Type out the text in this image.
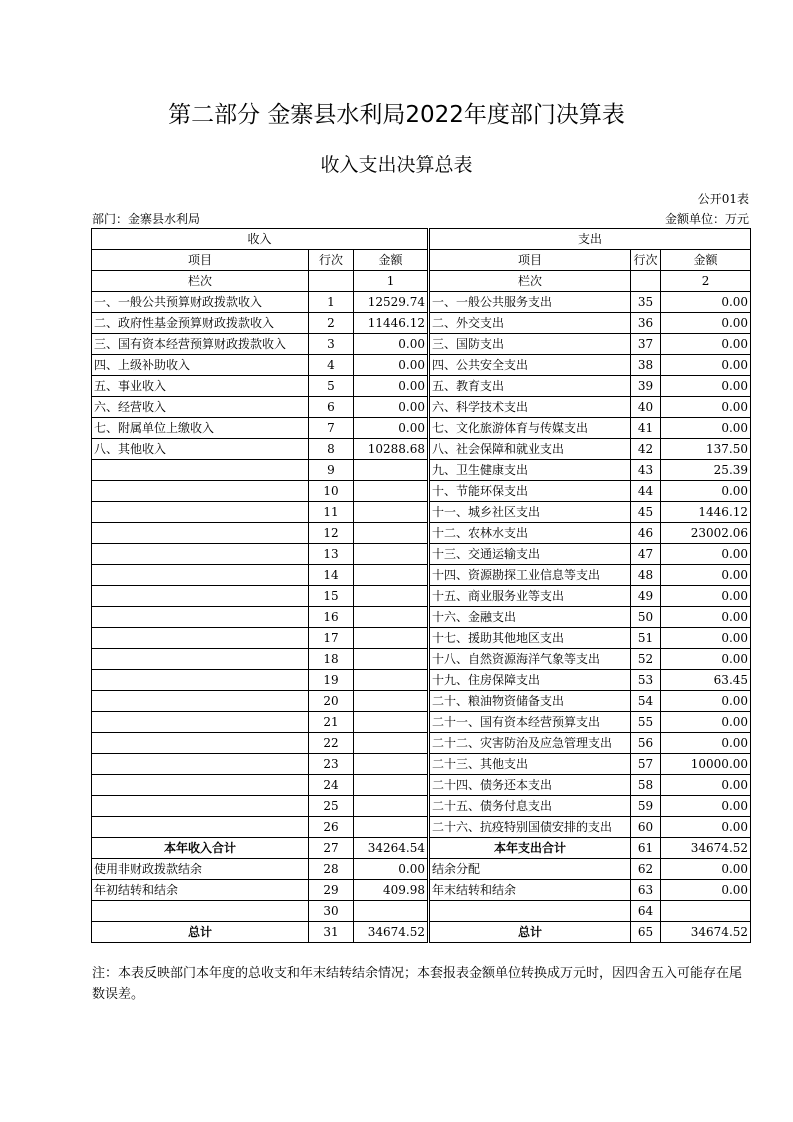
第二部分 金寨县水利局2022年度部门决算表
收入支出决算总表
公开01表
部门：金寨县水利局	金额单位：万元
收入			支出		
项目	行次	金额	项目	行次	金额
栏次		1	栏次		2
一、一般公共预算财政拨款收入	1	12529.74	一、一般公共服务支出	35	0.00
二、政府性基金预算财政拨款收入	2	11446.12	二、外交支出	36	0.00
三、国有资本经营预算财政拨款收入	3	0.00	三、国防支出	37	0.00
四、上级补助收入	4	0.00	四、公共安全支出	38	0.00
五、事业收入	5	0.00	五、教育支出	39	0.00
六、经营收入	6	0.00	六、科学技术支出	40	0.00
七、附属单位上缴收入	7	0.00	七、文化旅游体育与传媒支出	41	0.00
八、其他收入	8	10288.68	八、社会保障和就业支出	42	137.50
	9		九、卫生健康支出	43	25.39
	10		十、节能环保支出	44	0.00
	11		十一、城乡社区支出	45	1446.12
	12		十二、农林水支出	46	23002.06
	13		十三、交通运输支出	47	0.00
	14		十四、资源勘探工业信息等支出	48	0.00
	15		十五、商业服务业等支出	49	0.00
	16		十六、金融支出	50	0.00
	17		十七、援助其他地区支出	51	0.00
	18		十八、自然资源海洋气象等支出	52	0.00
	19		十九、住房保障支出	53	63.45
	20		二十、粮油物资储备支出	54	0.00
	21		二十一、国有资本经营预算支出	55	0.00
	22		二十二、灾害防治及应急管理支出	56	0.00
	23		二十三、其他支出	57	10000.00
	24		二十四、债务还本支出	58	0.00
	25		二十五、债务付息支出	59	0.00
	26		二十六、抗疫特别国债安排的支出	60	0.00
本年收入合计	27	34264.54	本年支出合计	61	34674.52
使用非财政拨款结余	28	0.00	结余分配	62	0.00
年初结转和结余	29	409.98	年末结转和结余	63	0.00
	30			64	
总计	31	34674.52	总计	65	34674.52
注：本表反映部门本年度的总收支和年末结转结余情况；本套报表金额单位转换成万元时，因四舍五入可能存在尾数误差。
